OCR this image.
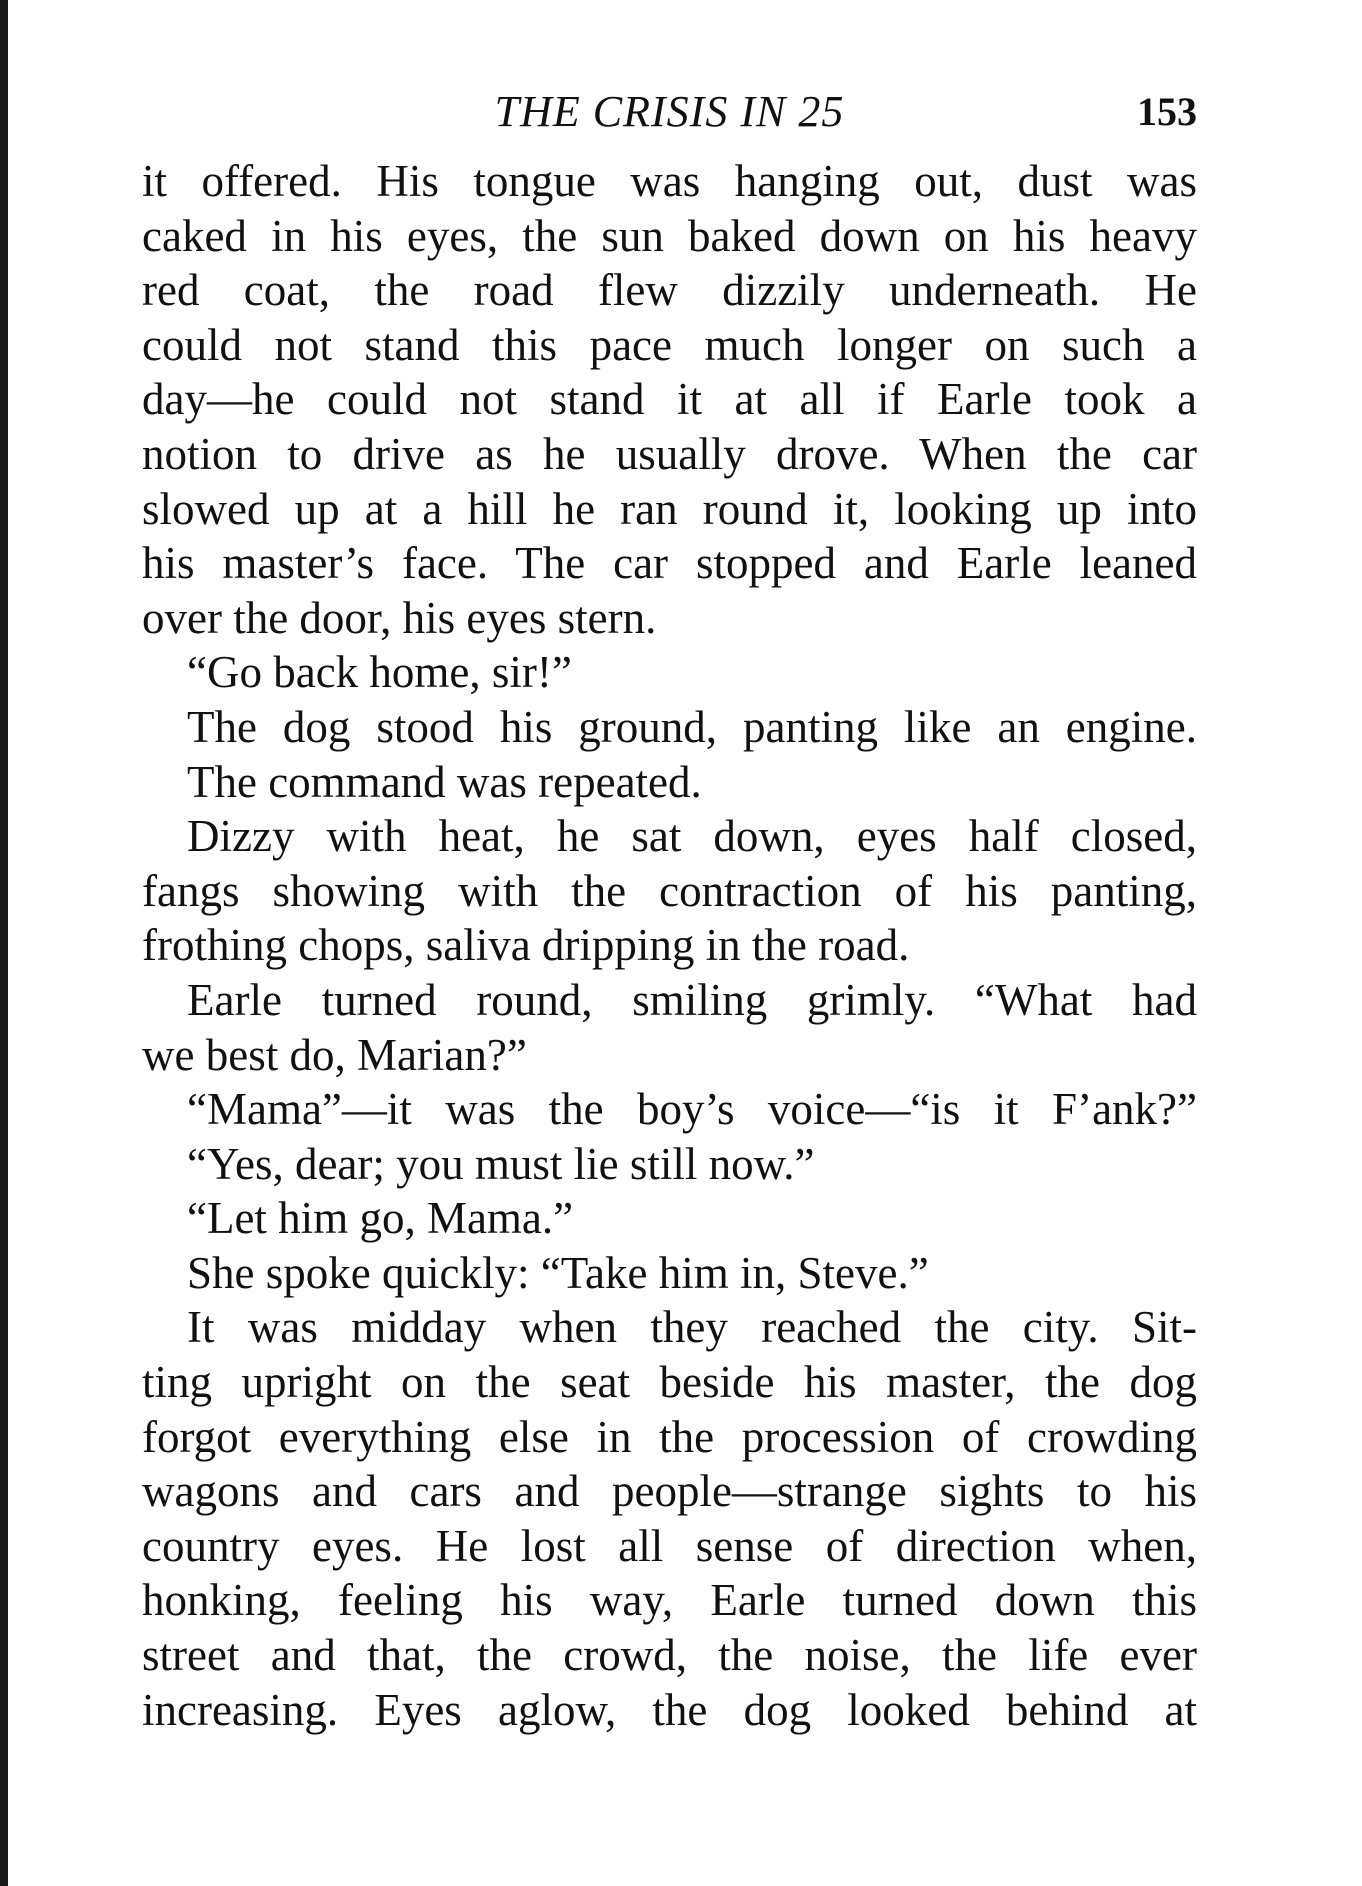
THE CRISIS IN 25	153
it offered. His tongue was hanging out, dust was
caked in his eyes, the sun baked down on his heavy
red coat, the road flew dizzily underneath. He
could not stand this pace much longer on such a
day—he could not stand it at all if Earle took a
notion to drive as he usually drove. When the car
slowed up at a hill he ran round it, looking up into
his master’s face. The car stopped and Earle leaned
over the door, his eyes stern.
“Go back home, sir!”
The dog stood his ground, panting like an engine.
The command was repeated.
Dizzy with heat, he sat down, eyes half closed,
fangs showing with the contraction of his panting,
frothing chops, saliva dripping in the road.
Earle turned round, smiling grimly. “What had
we best do, Marian?”
“Mama”—it was the boy’s voice—“is it F’ank?”
“Yes, dear; you must lie still now.”
“Let him go, Mama.”
She spoke quickly: “Take him in, Steve.”
It was midday when they reached the city. Sit-
ting upright on the seat beside his master, the dog
forgot everything else in the procession of crowding
wagons and cars and people—strange sights to his
country eyes. He lost all sense of direction when,
honking, feeling his way, Earle turned down this
street and that, the crowd, the noise, the life ever
increasing. Eyes aglow, the dog looked behind at
